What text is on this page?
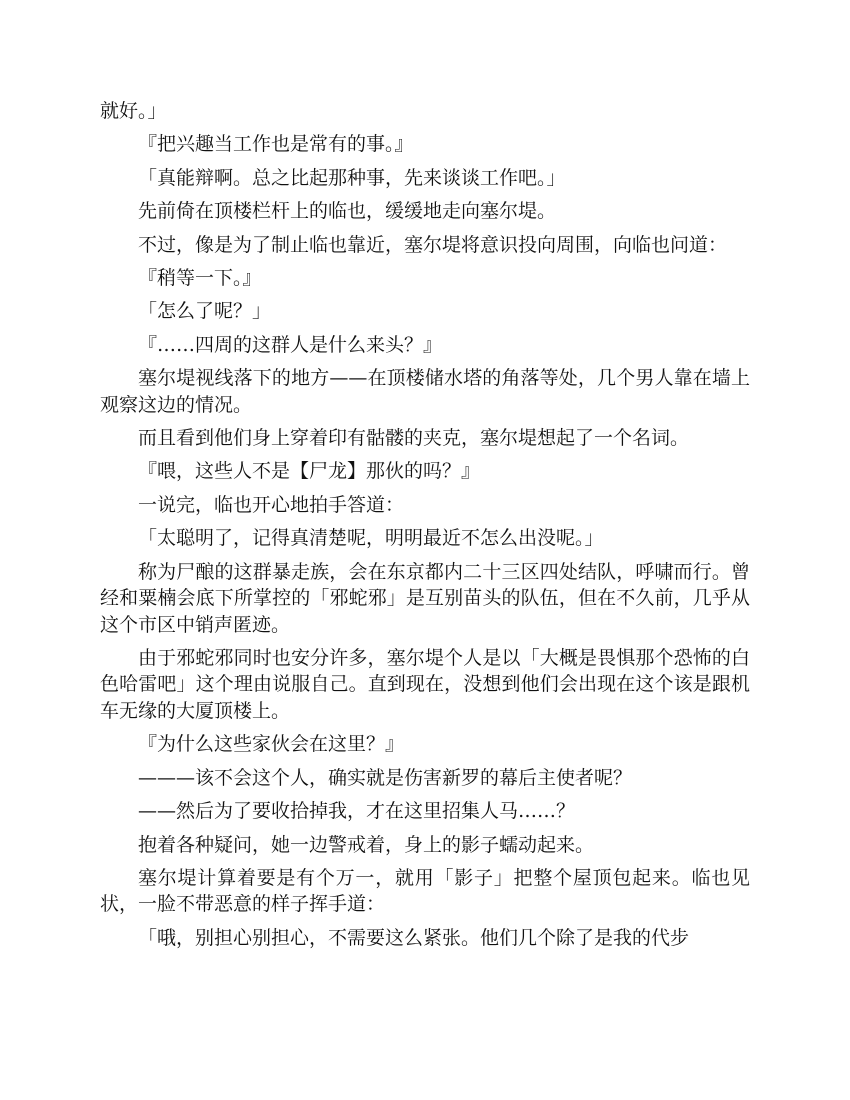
就好。」

『把兴趣当工作也是常有的事。』

「真能辩啊。总之比起那种事，先来谈谈工作吧。」

先前倚在顶楼栏杆上的临也，缓缓地走向塞尔堤。

不过，像是为了制止临也靠近，塞尔堤将意识投向周围，向临也问道：

『稍等一下。』

「怎么了呢？」

『……四周的这群人是什么来头？』

塞尔堤视线落下的地方——在顶楼储水塔的角落等处，几个男人靠在墙上观察这边的情况。

而且看到他们身上穿着印有骷髅的夹克，塞尔堤想起了一个名词。

『喂，这些人不是【尸龙】那伙的吗？』

一说完，临也开心地拍手答道：

「太聪明了，记得真清楚呢，明明最近不怎么出没呢。」

称为尸酿的这群暴走族，会在东京都内二十三区四处结队，呼啸而行。曾经和粟楠会底下所掌控的「邪蛇邪」是互别苗头的队伍，但在不久前，几乎从这个市区中销声匿迹。

由于邪蛇邪同时也安分许多，塞尔堤个人是以「大概是畏惧那个恐怖的白色哈雷吧」这个理由说服自己。直到现在，没想到他们会出现在这个该是跟机车无缘的大厦顶楼上。

『为什么这些家伙会在这里？』

———该不会这个人，确实就是伤害新罗的幕后主使者呢？

——然后为了要收拾掉我，才在这里招集人马……？

抱着各种疑问，她一边警戒着，身上的影子蠕动起来。

塞尔堤计算着要是有个万一，就用「影子」把整个屋顶包起来。临也见状，一脸不带恶意的样子挥手道：

「哦，别担心别担心，不需要这么紧张。他们几个除了是我的代步
